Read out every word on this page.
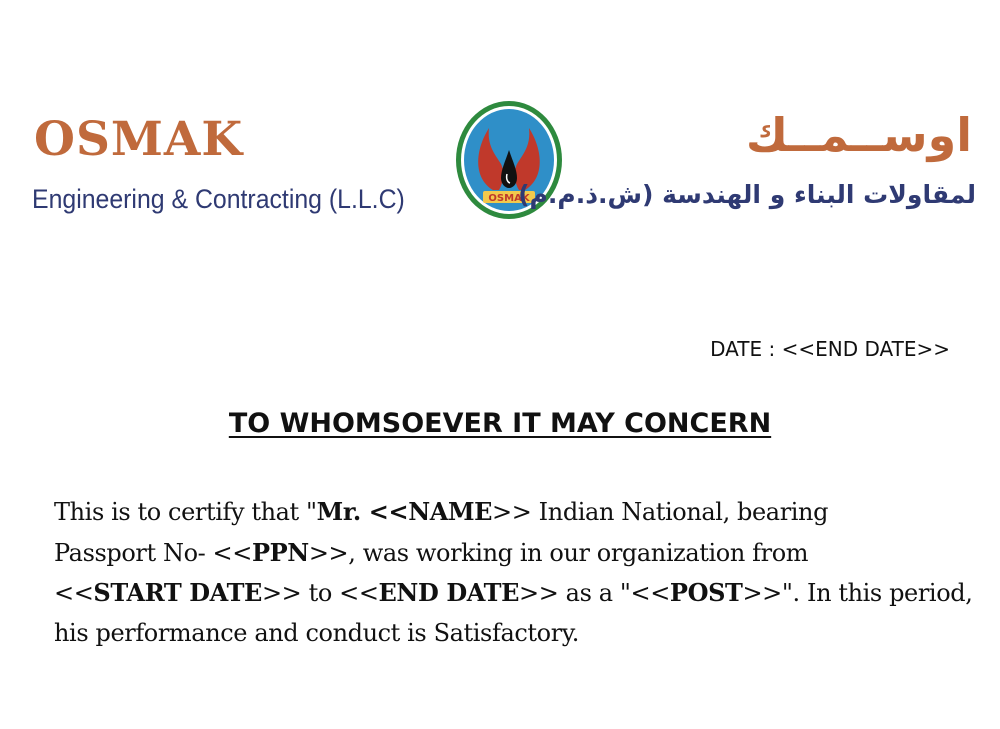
OSMAK
Engineering & Contracting (L.L.C)	OSMAK
اوســمــك
لمقاولات البناء و الهندسة (ش.ذ.م.م)
DATE : <<END DATE>>
TO WHOMSOEVER IT MAY CONCERN
This is to certify that "Mr. <<NAME>> Indian National, bearing
Passport No- <<PPN>>, was working in our organization from
<<START DATE>> to <<END DATE>> as a "<<POST>>". In this period,
his performance and conduct is Satisfactory.
